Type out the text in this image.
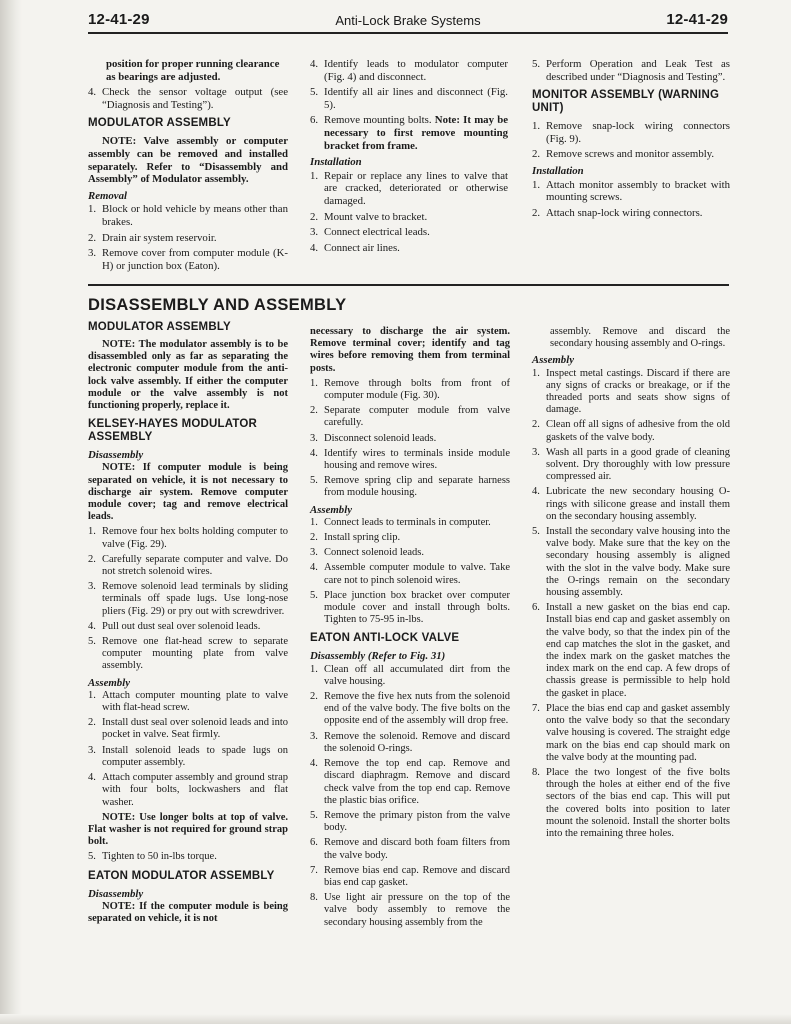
12-41-29	Anti-Lock Brake Systems	12-41-29

position for proper running clearance as bearings are adjusted.

4. Check the sensor voltage output (see “Diagnosis and Testing”).
MODULATOR ASSEMBLY

NOTE: Valve assembly or computer assembly can be removed and installed separately. Refer to “Disassembly and Assembly” of Modulator assembly.

Removal
1. Block or hold vehicle by means other than brakes.
2. Drain air system reservoir.
3. Remove cover from computer module (K-H) or junction box (Eaton).
4. Identify leads to modulator computer (Fig. 4) and disconnect.
5. Identify all air lines and disconnect (Fig. 5).
6. Remove mounting bolts. Note: It may be necessary to first remove mounting bracket from frame.
Installation
1. Repair or replace any lines to valve that are cracked, deteriorated or otherwise damaged.
2. Mount valve to bracket.
3. Connect electrical leads.
4. Connect air lines.
5. Perform Operation and Leak Test as described under “Diagnosis and Testing”.
MONITOR ASSEMBLY (WARNING UNIT)
1. Remove snap-lock wiring connectors (Fig. 9).
2. Remove screws and monitor assembly.
Installation
1. Attach monitor assembly to bracket with mounting screws.
2. Attach snap-lock wiring connectors.
DISASSEMBLY AND ASSEMBLY
MODULATOR ASSEMBLY

NOTE: The modulator assembly is to be disassembled only as far as separating the electronic computer module from the anti-lock valve assembly. If either the computer module or the valve assembly is not functioning properly, replace it.

KELSEY-HAYES MODULATOR ASSEMBLY
Disassembly

NOTE: If computer module is being separated on vehicle, it is not necessary to discharge air system. Remove computer module cover; tag and remove electrical leads.

1. Remove four hex bolts holding computer to valve (Fig. 29).
2. Carefully separate computer and valve. Do not stretch solenoid wires.
3. Remove solenoid lead terminals by sliding terminals off spade lugs. Use long-nose pliers (Fig. 29) or pry out with screwdriver.
4. Pull out dust seal over solenoid leads.
5. Remove one flat-head screw to separate computer mounting plate from valve assembly.
Assembly
1. Attach computer mounting plate to valve with flat-head screw.
2. Install dust seal over solenoid leads and into pocket in valve. Seat firmly.
3. Install solenoid leads to spade lugs on computer assembly.
4. Attach computer assembly and ground strap with four bolts, lockwashers and flat washer.

NOTE: Use longer bolts at top of valve. Flat washer is not required for ground strap bolt.

5. Tighten to 50 in-lbs torque.
EATON MODULATOR ASSEMBLY
Disassembly

NOTE: If the computer module is being separated on vehicle, it is not

necessary to discharge the air system. Remove terminal cover; identify and tag wires before removing them from terminal posts.

1. Remove through bolts from front of computer module (Fig. 30).
2. Separate computer module from valve carefully.
3. Disconnect solenoid leads.
4. Identify wires to terminals inside module housing and remove wires.
5. Remove spring clip and separate harness from module housing.
Assembly
1. Connect leads to terminals in computer.
2. Install spring clip.
3. Connect solenoid leads.
4. Assemble computer module to valve. Take care not to pinch solenoid wires.
5. Place junction box bracket over computer module cover and install through bolts. Tighten to 75-95 in-lbs.
EATON ANTI-LOCK VALVE
Disassembly (Refer to Fig. 31)
1. Clean off all accumulated dirt from the valve housing.
2. Remove the five hex nuts from the solenoid end of the valve body. The five bolts on the opposite end of the assembly will drop free.
3. Remove the solenoid. Remove and discard the solenoid O-rings.
4. Remove the top end cap. Remove and discard diaphragm. Remove and discard check valve from the top end cap. Remove the plastic bias orifice.
5. Remove the primary piston from the valve body.
6. Remove and discard both foam filters from the valve body.
7. Remove bias end cap. Remove and discard bias end cap gasket.
8. Use light air pressure on the top of the valve body assembly to remove the secondary housing assembly from the

assembly. Remove and discard the secondary housing assembly and O-rings.

Assembly
1. Inspect metal castings. Discard if there are any signs of cracks or breakage, or if the threaded ports and seats show signs of damage.
2. Clean off all signs of adhesive from the old gaskets of the valve body.
3. Wash all parts in a good grade of cleaning solvent. Dry thoroughly with low pressure compressed air.
4. Lubricate the new secondary housing O-rings with silicone grease and install them on the secondary housing assembly.
5. Install the secondary valve housing into the valve body. Make sure that the key on the secondary housing assembly is aligned with the slot in the valve body. Make sure the O-rings remain on the secondary housing assembly.
6. Install a new gasket on the bias end cap. Install bias end cap and gasket assembly on the valve body, so that the index pin of the end cap matches the slot in the gasket, and the index mark on the gasket matches the index mark on the end cap. A few drops of chassis grease is permissible to help hold the gasket in place.
7. Place the bias end cap and gasket assembly onto the valve body so that the secondary valve housing is covered. The straight edge mark on the bias end cap should mark on the valve body at the mounting pad.
8. Place the two longest of the five bolts through the holes at either end of the five sectors of the bias end cap. This will put the covered bolts into position to later mount the solenoid. Install the shorter bolts into the remaining three holes.
